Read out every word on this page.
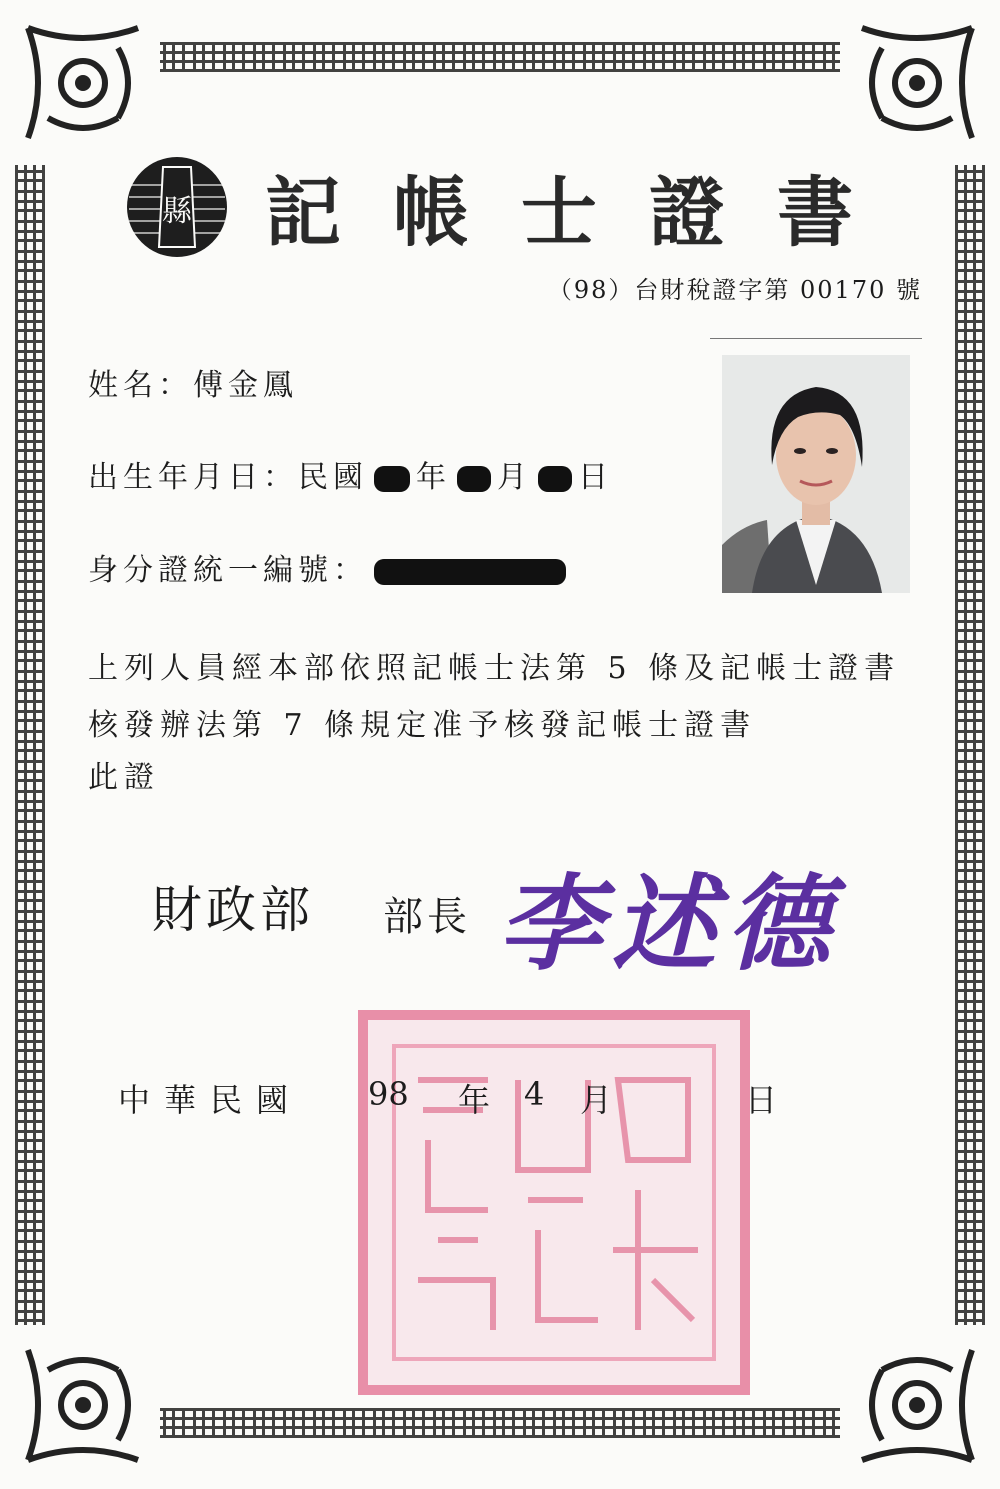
縣 記帳士證書
（98）台財稅證字第 00170 號
姓名：傅金鳳
出生年月日：民國 年 月 日
身分證統一編號：
上列人員經本部依照記帳士法第 5 條及記帳士證書
核發辦法第 7 條規定准予核發記帳士證書
此證
財政部 部長 李述德
中華民國 98 年 4 月	日
